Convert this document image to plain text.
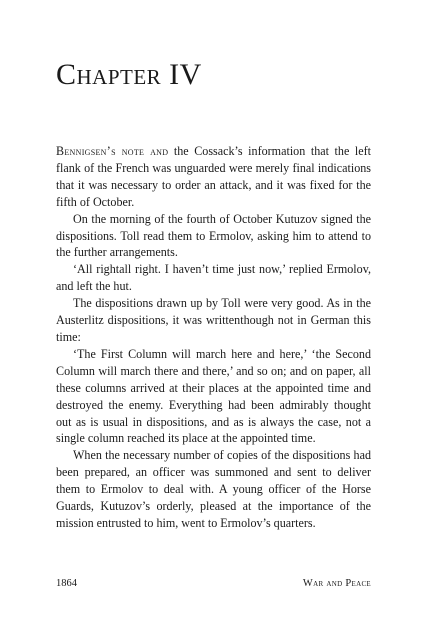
Chapter IV

Bennigsen’s note and the Cossack’s information that the left flank of the French was unguarded were merely final indications that it was necessary to order an attack, and it was fixed for the fifth of October.

On the morning of the fourth of October Kutuzov signed the dispositions. Toll read them to Ermolov, asking him to attend to the further arrangements.

‘All rightall right. I haven’t time just now,’ replied Ermolov, and left the hut.

The dispositions drawn up by Toll were very good. As in the Austerlitz dispositions, it was writtenthough not in German this time:

‘The First Column will march here and here,’ ‘the Second Column will march there and there,’ and so on; and on paper, all these columns arrived at their places at the appointed time and destroyed the enemy. Everything had been admirably thought out as is usual in dispositions, and as is always the case, not a single column reached its place at the appointed time.

When the necessary number of copies of the dispositions had been prepared, an officer was summoned and sent to deliver them to Ermolov to deal with. A young officer of the Horse Guards, Kutuzov’s orderly, pleased at the importance of the mission entrusted to him, went to Ermolov’s quarters.

1864	War and Peace
